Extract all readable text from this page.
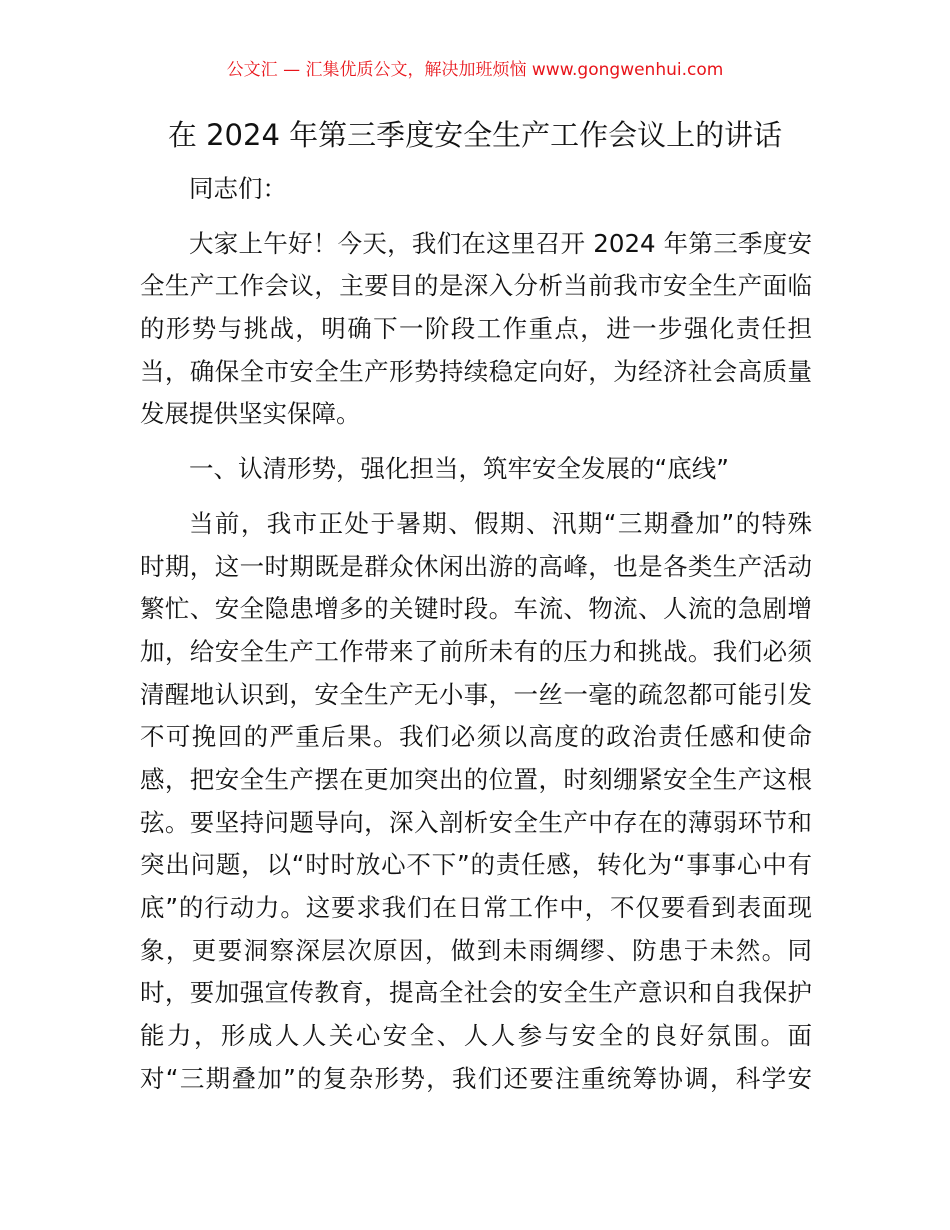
公文汇 — 汇集优质公文，解决加班烦恼 www.gongwenhui.com
在 2024 年第三季度安全生产工作会议上的讲话
同志们：
大家上午好！今天，我们在这里召开 2024 年第三季度安
全生产工作会议，主要目的是深入分析当前我市安全生产面临
的形势与挑战，明确下一阶段工作重点，进一步强化责任担
当，确保全市安全生产形势持续稳定向好，为经济社会高质量
发展提供坚实保障。
一、认清形势，强化担当，筑牢安全发展的“底线”
当前，我市正处于暑期、假期、汛期“三期叠加”的特殊
时期，这一时期既是群众休闲出游的高峰，也是各类生产活动
繁忙、安全隐患增多的关键时段。车流、物流、人流的急剧增
加，给安全生产工作带来了前所未有的压力和挑战。我们必须
清醒地认识到，安全生产无小事，一丝一毫的疏忽都可能引发
不可挽回的严重后果。我们必须以高度的政治责任感和使命
感，把安全生产摆在更加突出的位置，时刻绷紧安全生产这根
弦。要坚持问题导向，深入剖析安全生产中存在的薄弱环节和
突出问题，以“时时放心不下”的责任感，转化为“事事心中有
底”的行动力。这要求我们在日常工作中，不仅要看到表面现
象，更要洞察深层次原因，做到未雨绸缪、防患于未然。同
时，要加强宣传教育，提高全社会的安全生产意识和自我保护
能力，形成人人关心安全、人人参与安全的良好氛围。面
对“三期叠加”的复杂形势，我们还要注重统筹协调，科学安
